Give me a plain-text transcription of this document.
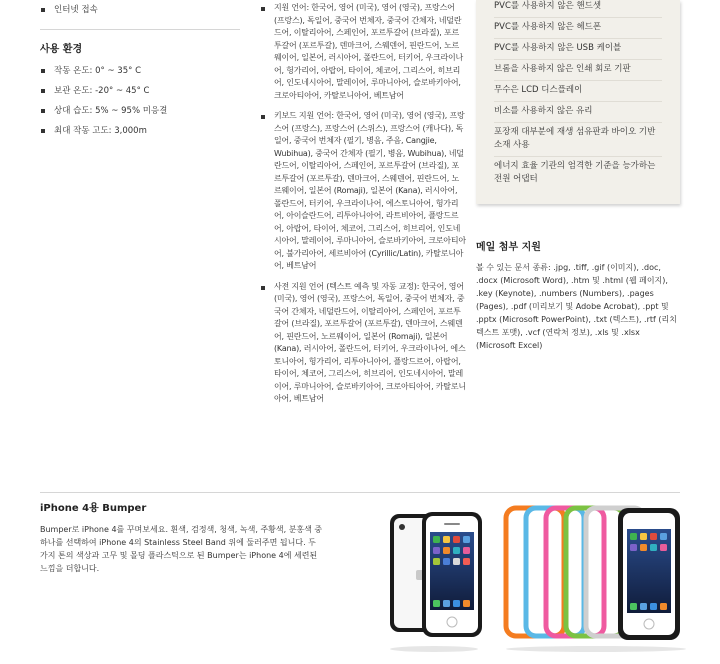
인터넷 접속
사용 환경
작동 온도: 0° ~ 35° C
보관 온도: -20° ~ 45° C
상대 습도: 5% ~ 95% 미응결
최대 작동 고도: 3,000m
지원 언어: 한국어, 영어 (미국), 영어 (영국), 프랑스어 (프랑스), 독일어, 중국어 번체자, 중국어 간체자, 네덜란드어, 이탈리아어, 스페인어, 포르투갈어 (브라질), 포르투갈어 (포르투갈), 덴마크어, 스웨덴어, 핀란드어, 노르웨이어, 일본어, 러시아어, 폴란드어, 터키어, 우크라이나어, 헝가리어, 아랍어, 타이어, 체코어, 그리스어, 히브리어, 인도네시아어, 말레이어, 루마니아어, 슬로바키아어, 크로아티아어, 카탈로니아어, 베트남어
키보드 지원 언어: 한국어, 영어 (미국), 영어 (영국), 프랑스어 (프랑스), 프랑스어 (스위스), 프랑스어 (캐나다), 독일어, 중국어 번체자 (필기, 병음, 주음, Cangjie, Wubihua), 중국어 간체자 (필기, 병음, Wubihua), 네덜란드어, 이탈리아어, 스페인어, 포르투갈어 (브라질), 포르투갈어 (포르투갈), 덴마크어, 스웨덴어, 핀란드어, 노르웨이어, 일본어 (Romaji), 일본어 (Kana), 러시아어, 폴란드어, 터키어, 우크라이나어, 에스토니아어, 헝가리어, 아이슬란드어, 리투아니아어, 라트비아어, 플랑드르어, 아랍어, 타이어, 체코어, 그리스어, 히브리어, 인도네시아어, 말레이어, 루마니아어, 슬로바키아어, 크로아티아어, 불가리아어, 세르비아어 (Cyrillic/Latin), 카탈로니아어, 베트남어
사전 지원 언어 (텍스트 예측 및 자동 교정): 한국어, 영어 (미국), 영어 (영국), 프랑스어, 독일어, 중국어 번체자, 중국어 간체자, 네덜란드어, 이탈리아어, 스페인어, 포르투갈어 (브라질), 포르투갈어 (포르투갈), 덴마크어, 스웨덴어, 핀란드어, 노르웨이어, 일본어 (Romaji), 일본어 (Kana), 러시아어, 폴란드어, 터키어, 우크라이나어, 에스토니아어, 헝가리어, 리투아니아어, 플랑드르어, 아랍어, 타이어, 체코어, 그리스어, 히브리어, 인도네시아어, 말레이어, 루마니아어, 슬로바키아어, 크로아티아어, 카탈로니아어, 베트남어
PVC를 사용하지 않은 핸드셋
PVC를 사용하지 않은 헤드폰
PVC를 사용하지 않은 USB 케이블
브롬을 사용하지 않은 인쇄 회로 기판
무수은 LCD 디스플레이
비소를 사용하지 않은 유리
포장재 대부분에 재생 섬유판과 바이오 기반 소재 사용
에너지 효율 기관의 엄격한 기준을 능가하는 전원 어댑터
메일 첨부 지원
볼 수 있는 문서 종류: .jpg, .tiff, .gif (이미지), .doc, .docx (Microsoft Word), .htm 및 .html (웹 페이지), .key (Keynote), .numbers (Numbers), .pages (Pages), .pdf (미리보기 및 Adobe Acrobat), .ppt 및 .pptx (Microsoft PowerPoint), .txt (텍스트), .rtf (리치 텍스트 포맷), .vcf (연락처 정보), .xls 및 .xlsx (Microsoft Excel)
iPhone 4용 Bumper
Bumper로 iPhone 4를 꾸며보세요. 흰색, 검정색, 청색, 녹색, 주황색, 분홍색 중 하나를 선택하여 iPhone 4의 Stainless Steel Band 위에 둘러주면 됩니다. 두 가지 톤의 색상과 고무 및 몰딩 플라스틱으로 된 Bumper는 iPhone 4에 세련된 느낌을 더합니다.
